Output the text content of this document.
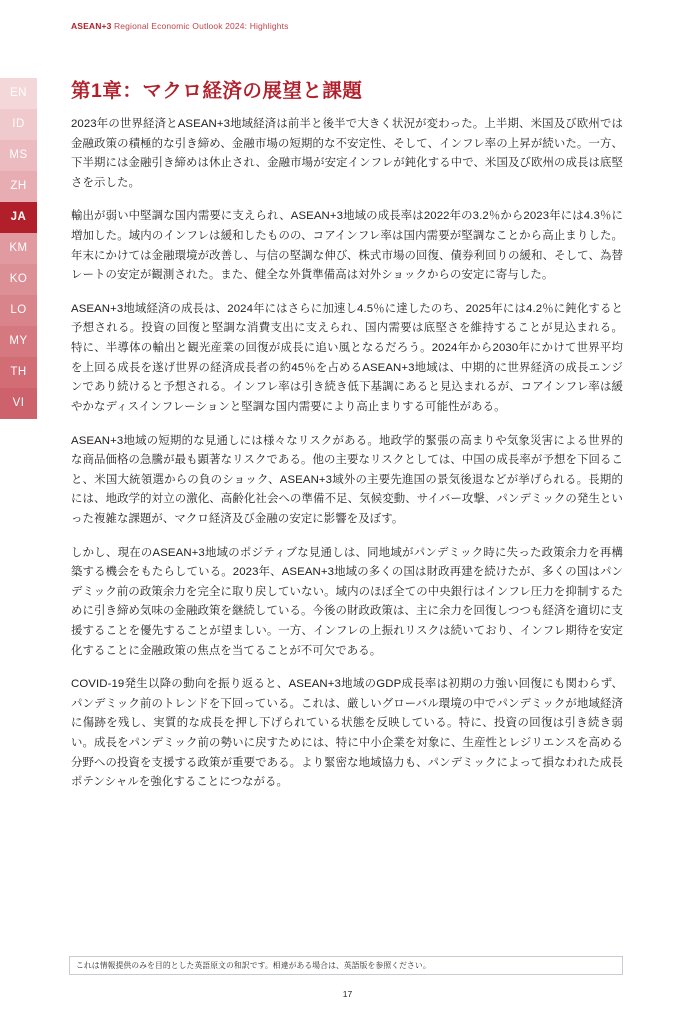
EN
ID
MS
ZH
JA
KM
KO
LO
MY
TH
VI
ASEAN+3 Regional Economic Outlook 2024: Highlights
第1章：マクロ経済の展望と課題

2023年の世界経済とASEAN+3地域経済は前半と後半で大きく状況が変わった。上半期、米国及び欧州では金融政策の積極的な引き締め、金融市場の短期的な不安定性、そして、インフレ率の上昇が続いた。一方、下半期には金融引き締めは休止され、金融市場が安定インフレが鈍化する中で、米国及び欧州の成長は底堅さを示した。

輸出が弱い中堅調な国内需要に支えられ、ASEAN+3地域の成長率は2022年の3.2％から2023年には4.3％に増加した。域内のインフレは緩和したものの、コアインフレ率は国内需要が堅調なことから高止まりした。年末にかけては金融環境が改善し、与信の堅調な伸び、株式市場の回復、債券利回りの緩和、そして、為替レートの安定が観測された。また、健全な外貨準備高は対外ショックからの安定に寄与した。

ASEAN+3地域経済の成長は、2024年にはさらに加速し4.5％に達したのち、2025年には4.2％に鈍化すると予想される。投資の回復と堅調な消費支出に支えられ、国内需要は底堅さを維持することが見込まれる。特に、半導体の輸出と観光産業の回復が成長に追い風となるだろう。2024年から2030年にかけて世界平均を上回る成長を遂げ世界の経済成長者の約45％を占めるASEAN+3地域は、中期的に世界経済の成長エンジンであり続けると予想される。インフレ率は引き続き低下基調にあると見込まれるが、コアインフレ率は緩やかなディスインフレーションと堅調な国内需要により高止まりする可能性がある。

ASEAN+3地域の短期的な見通しには様々なリスクがある。地政学的緊張の高まりや気象災害による世界的な商品価格の急騰が最も顕著なリスクである。他の主要なリスクとしては、中国の成長率が予想を下回ること、米国大統領選からの負のショック、ASEAN+3域外の主要先進国の景気後退などが挙げられる。長期的には、地政学的対立の激化、高齢化社会への準備不足、気候変動、サイバー攻撃、パンデミックの発生といった複雑な課題が、マクロ経済及び金融の安定に影響を及ぼす。

しかし、現在のASEAN+3地域のポジティブな見通しは、同地域がパンデミック時に失った政策余力を再構築する機会をもたらしている。2023年、ASEAN+3地域の多くの国は財政再建を続けたが、多くの国はパンデミック前の政策余力を完全に取り戻していない。域内のほぼ全ての中央銀行はインフレ圧力を抑制するために引き締め気味の金融政策を継続している。今後の財政政策は、主に余力を回復しつつも経済を適切に支援することを優先することが望ましい。一方、インフレの上振れリスクは続いており、インフレ期待を安定化することに金融政策の焦点を当てることが不可欠である。

COVID-19発生以降の動向を振り返ると、ASEAN+3地域のGDP成長率は初期の力強い回復にも関わらず、パンデミック前のトレンドを下回っている。これは、厳しいグローバル環境の中でパンデミックが地域経済に傷跡を残し、実質的な成長を押し下げられている状態を反映している。特に、投資の回復は引き続き弱い。成長をパンデミック前の勢いに戻すためには、特に中小企業を対象に、生産性とレジリエンスを高める分野への投資を支援する政策が重要である。より緊密な地域協力も、パンデミックによって損なわれた成長ポテンシャルを強化することにつながる。

これは情報提供のみを目的とした英語原文の和訳です。相違がある場合は、英語版を参照ください。
17
